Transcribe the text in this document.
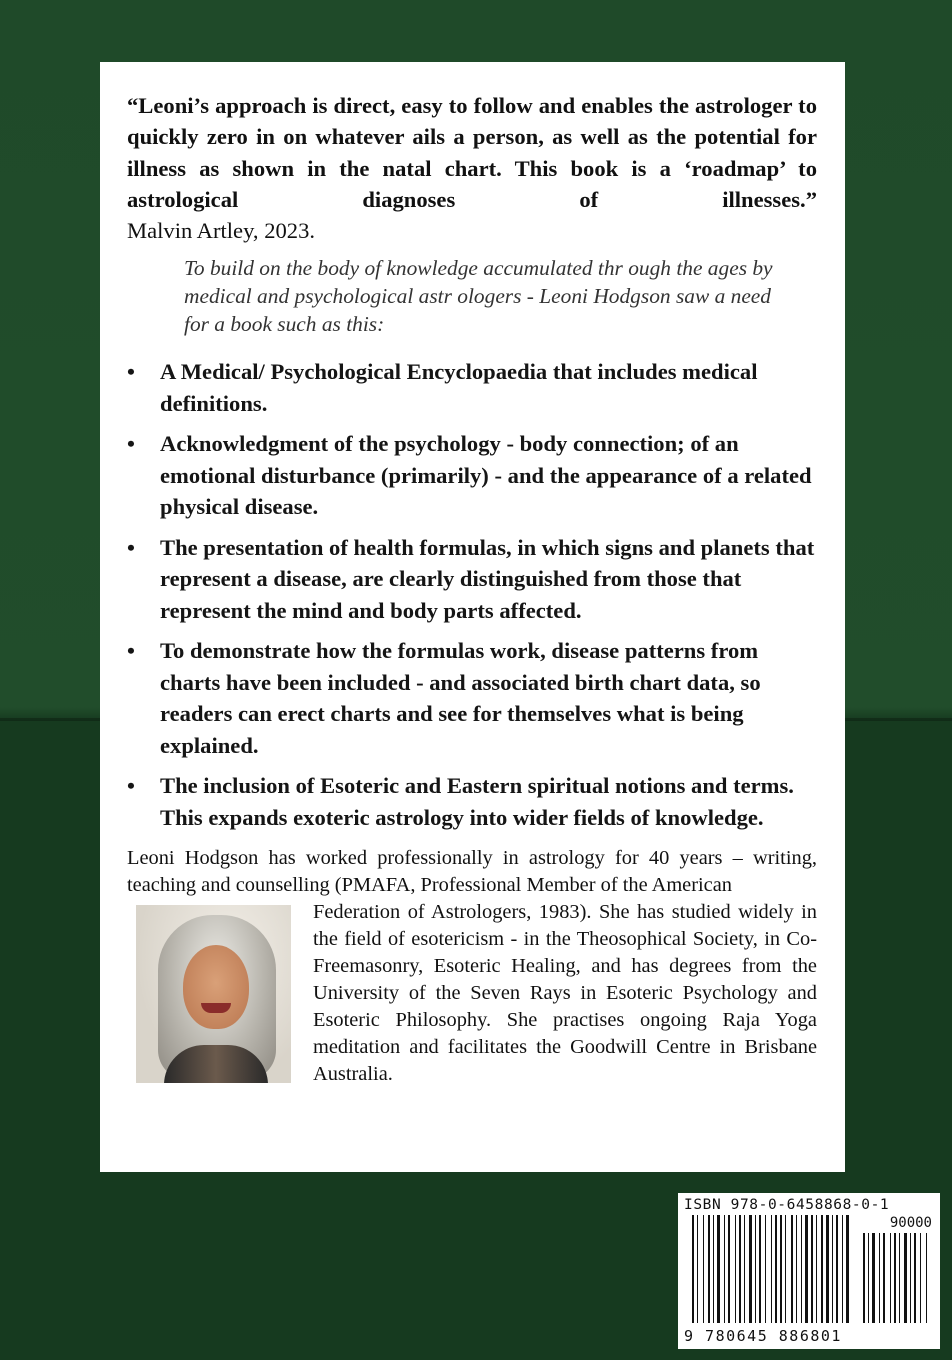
“Leoni’s approach is direct, easy to follow and enables the astrologer to quickly zero in on whatever ails a person, as well as the potential for illness as shown in the natal chart. This book is a ‘roadmap’ to astrological diagnoses of illnesses.”

Malvin Artley, 2023.

To build on the body of knowledge accumulated thr ough the ages by medical and psychological astr ologers - Leoni Hodgson saw a need for a book such as this:

•	A Medical/ Psychological Encyclopaedia that includes medical definitions.
•	Acknowledgment of the psychology - body connection; of an emotional disturbance (primarily) - and the appearance of a related physical disease.
•	The presentation of health formulas, in which signs and planets that represent a disease, are clearly distinguished from those that represent the mind and body parts affected.
•	To demonstrate how the formulas work, disease patterns from charts have been included - and associated birth chart data, so readers can erect charts and see for themselves what is being explained.
•	The inclusion of Esoteric and Eastern spiritual notions and terms. This expands exoteric astrology into wider fields of knowledge.

Leoni Hodgson has worked professionally in astrology for 40 years – writing, teaching and counselling (PMAFA, Professional Member of the American

Federation of Astrologers, 1983). She has studied widely in the field of esotericism - in the Theosophical Society, in Co-Freemasonry, Esoteric Healing, and has degrees from the University of the Seven Rays in Esoteric Psychology and Esoteric Philosophy. She practises ongoing Raja Yoga meditation and facilitates the Goodwill Centre in Brisbane Australia.

ISBN 978-0-6458868-0-1
90000
9 780645 886801
